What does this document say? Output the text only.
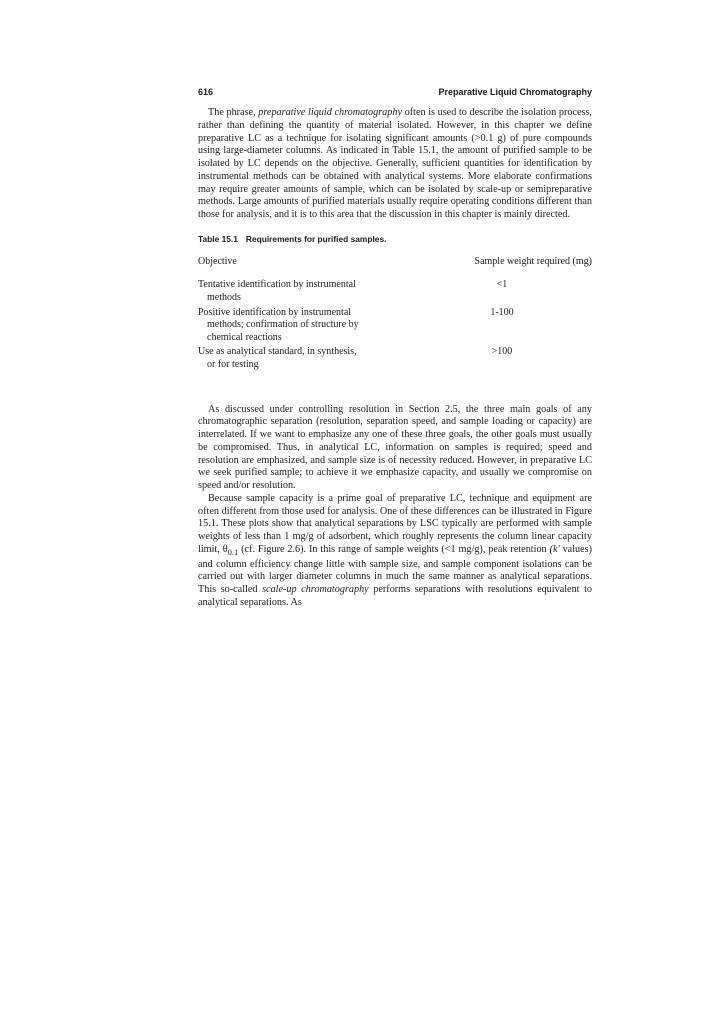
616	Preparative Liquid Chromatography

The phrase, preparative liquid chromatography often is used to describe the isolation process, rather than defining the quantity of material isolated. However, in this chapter we define preparative LC as a technique for isolating significant amounts (>0.1 g) of pure compounds using large-diameter columns. As indicated in Table 15.1, the amount of purified sample to be isolated by LC depends on the objective. Generally, sufficient quantities for identification by instrumental methods can be obtained with analytical systems. More elaborate confirmations may require greater amounts of sample, which can be isolated by scale-up or semipreparative methods. Large amounts of purified materials usually require operating conditions different than those for analysis, and it is to this area that the discussion in this chapter is mainly directed.

Table 15.1 Requirements for purified samples.
Objective	Sample weight required (mg)
Tentative identification by instrumental
methods
<1
Positive identification by instrumental
methods; confirmation of structure by chemical reactions
1-100
Use as analytical standard, in synthesis,
or for testing
>100

As discussed under controlling resolution in Section 2.5, the three main goals of any chromatographic separation (resolution, separation speed, and sample loading or capacity) are interrelated. If we want to emphasize any one of these three goals, the other goals must usually be compromised. Thus, in analytical LC, information on samples is required; speed and resolution are emphasized, and sample size is of necessity reduced. However, in preparative LC we seek purified sample; to achieve it we emphasize capacity, and usually we compromise on speed and/or resolution.

Because sample capacity is a prime goal of preparative LC, technique and equipment are often different from those used for analysis. One of these differences can be illustrated in Figure 15.1. These plots show that analytical separations by LSC typically are performed with sample weights of less than 1 mg/g of adsorbent, which roughly represents the column linear capacity limit, $\theta_{0.1}$ (cf. Figure 2.6). In this range of sample weights (<1 mg/g), peak retention (k' values) and column efficiency change little with sample size, and sample component isolations can be carried out with larger diameter columns in much the same manner as analytical separations. This so-called scale-up chromatography performs separations with resolutions equivalent to analytical separations. As
